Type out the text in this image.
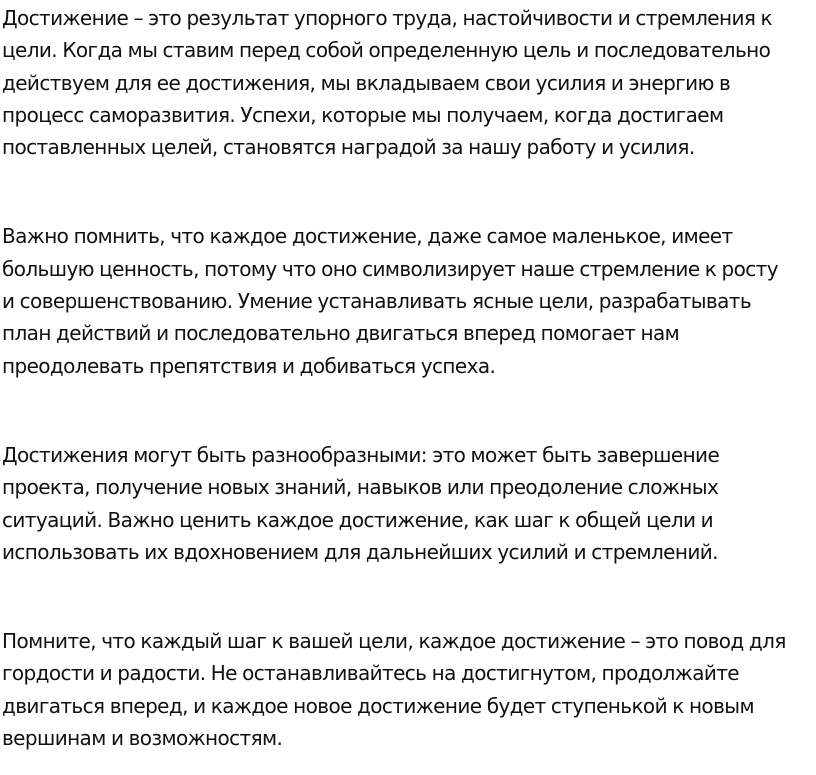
Достижение – это результат упорного труда, настойчивости и стремления к
цели. Когда мы ставим перед собой определенную цель и последовательно
действуем для ее достижения, мы вкладываем свои усилия и энергию в
процесс саморазвития. Успехи, которые мы получаем, когда достигаем
поставленных целей, становятся наградой за нашу работу и усилия.

Важно помнить, что каждое достижение, даже самое маленькое, имеет
большую ценность, потому что оно символизирует наше стремление к росту
и совершенствованию. Умение устанавливать ясные цели, разрабатывать
план действий и последовательно двигаться вперед помогает нам
преодолевать препятствия и добиваться успеха.

Достижения могут быть разнообразными: это может быть завершение
проекта, получение новых знаний, навыков или преодоление сложных
ситуаций. Важно ценить каждое достижение, как шаг к общей цели и
использовать их вдохновением для дальнейших усилий и стремлений.

Помните, что каждый шаг к вашей цели, каждое достижение – это повод для
гордости и радости. Не останавливайтесь на достигнутом, продолжайте
двигаться вперед, и каждое новое достижение будет ступенькой к новым
вершинам и возможностям.
